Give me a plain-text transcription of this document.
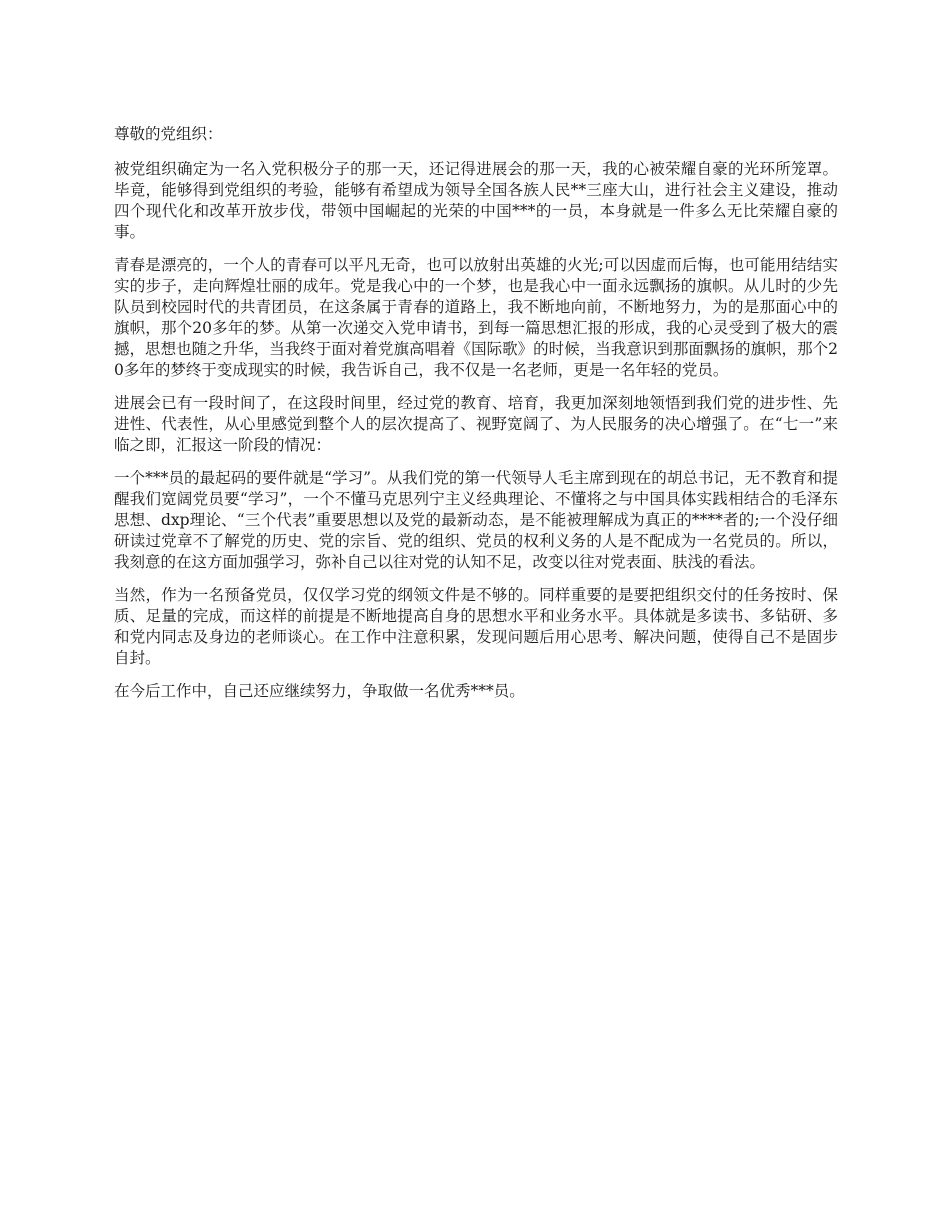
尊敬的党组织：

被党组织确定为一名入党积极分子的那一天，还记得进展会的那一天，我的心被荣耀自豪的光环所笼罩。毕竟，能够得到党组织的考验，能够有希望成为领导全国各族人民**三座大山，进行社会主义建设，推动四个现代化和改革开放步伐，带领中国崛起的光荣的中国***的一员，本身就是一件多么无比荣耀自豪的事。

青春是漂亮的，一个人的青春可以平凡无奇，也可以放射出英雄的火光;可以因虚而后悔，也可能用结结实实的步子，走向辉煌壮丽的成年。党是我心中的一个梦，也是我心中一面永远飘扬的旗帜。从儿时的少先队员到校园时代的共青团员，在这条属于青春的道路上，我不断地向前，不断地努力，为的是那面心中的旗帜，那个20多年的梦。从第一次递交入党申请书，到每一篇思想汇报的形成，我的心灵受到了极大的震撼，思想也随之升华，当我终于面对着党旗高唱着《国际歌》的时候，当我意识到那面飘扬的旗帜，那个20多年的梦终于变成现实的时候，我告诉自己，我不仅是一名老师，更是一名年轻的党员。

进展会已有一段时间了，在这段时间里，经过党的教育、培育，我更加深刻地领悟到我们党的进步性、先进性、代表性，从心里感觉到整个人的层次提高了、视野宽阔了、为人民服务的决心增强了。在“七一”来临之即，汇报这一阶段的情况：

一个***员的最起码的要件就是“学习”。从我们党的第一代领导人毛主席到现在的胡总书记，无不教育和提醒我们宽阔党员要“学习”，一个不懂马克思列宁主义经典理论、不懂将之与中国具体实践相结合的毛泽东思想、dxp理论、“三个代表”重要思想以及党的最新动态，是不能被理解成为真正的****者的;一个没仔细研读过党章不了解党的历史、党的宗旨、党的组织、党员的权利义务的人是不配成为一名党员的。所以，我刻意的在这方面加强学习，弥补自己以往对党的认知不足，改变以往对党表面、肤浅的看法。

当然，作为一名预备党员，仅仅学习党的纲领文件是不够的。同样重要的是要把组织交付的任务按时、保质、足量的完成，而这样的前提是不断地提高自身的思想水平和业务水平。具体就是多读书、多钻研、多和党内同志及身边的老师谈心。在工作中注意积累，发现问题后用心思考、解决问题，使得自己不是固步自封。

在今后工作中，自己还应继续努力，争取做一名优秀***员。
